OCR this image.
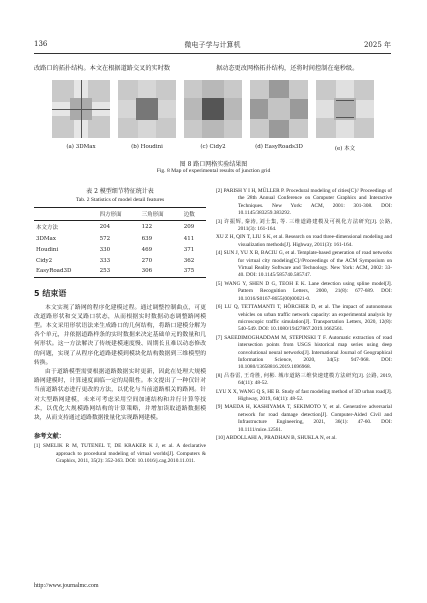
136	微电子学与计算机	2025 年
改路口的拓扑结构。本文在根据道路交叉的实时数	据动态更改网格拓扑结构，还将时间控制在毫秒级。
(a) 3DMax	(b) Houdini	(c) Cidy2	(d) EasyRoads3D	(e) 本文
图 8 路口网格实验结果图
Fig. 8 Map of experimental results of junction grid
表 2 模型细节特征统计表
Tab. 2 Statistics of model detail features
	四方形面	三角形面	边数
本文方法	204	122	209
3DMax	572	639	411
Houdini	330	469	371
Cidy2	333	270	362
EasyRoad3D	253	306	375
5 结束语
本文实现了路网的程序化建模过程。通过调整控制曲点，可更改道路形状和交叉路口状态，从而根据实时数据动态调整路网模型。本文采用形状语法来生成路口的几何结构，将路口建模分解为各个单元，并依据道路样条的实时数据来决定基础单元的数量和几何形状。这一方法解决了传统建模速度慢、周期长且难以动态修改的问题，实现了从程序化道路建模到模块化结构数据到三维模型的转换。
由于道路模型需要根据道路数据实时更新，因此在处理大规模路网建模时，计算速度面临一定的局限性。本文提出了一种仅针对当前道路状态进行更改的方法，以优化与当前道路相关的路网。针对大型路网建模，未来可考虑采用空间加速结构和并行计算等技术，以优化大规模路网结构的计算策略，并增加读取道路数据模块，从而支持通过道路数据批量化实现路网建模。
参考文献：
[1] SMELIK R M, TUTENEL T, DE KRAKER K J, et al. A declarative approach to procedural modeling of virtual worlds[J]. Computers & Graphics, 2011, 35(2): 352-363. DOI: 10.1016/j.cag.2010.11.011.
[2] PARISH Y I H, MÜLLER P. Procedural modeling of cities[C]// Proceedings of the 28th Annual Conference on Computer Graphics and Interactive Techniques. New York: ACM, 2001: 301-308. DOI: 10.1145/383259.383292.
[3] 许振辉, 秦涛, 刘士集, 等. 三维道路建模及可视化方法研究[J]. 公路, 2011(3): 161-164.
XU Z H, QIN T, LIU S K, et al. Research on road three-dimensional modeling and visualization methods[J]. Highway, 2011(3): 161-164.
[4] SUN J, YU X B, BACIU G, et al. Template-based generation of road networks for virtual city modeling[C]//Proceedings of the ACM Symposium on Virtual Reality Software and Technology. New York: ACM, 2002: 33-40. DOI: 10.1145/585740.585747.
[5] WANG Y, SHEN D G, TEOH E K. Lane detection using spline model[J]. Pattern Recognition Letters, 2000, 21(8): 677-689. DOI: 10.1016/S0167-8655(00)00021-0.
[6] LU Q, TETTAMANTI T, HÖRCHER D, et al. The impact of autonomous vehicles on urban traffic network capacity: an experimental analysis by microscopic traffic simulation[J]. Transportation Letters, 2020, 12(8): 540-549. DOI: 10.1080/19427867.2019.1662561.
[7] SAEEDIMOGHADDAM M, STEPINSKI T F. Automatic extraction of road intersection points from USGS historical map series using deep convolutional neural networks[J]. International Journal of Geographical Information Science, 2020, 34(5): 947-968. DOI: 10.1080/13658816.2019.1696968.
[8] 吕春雷, 王奇胜, 何彬. 城市道路三维快速建模方法研究[J]. 公路, 2019, 64(11): 48-52.
LYU X X, WANG Q S, HE B. Study of fast modeling method of 3D urban road[J]. Highway, 2019, 64(11): 48-52.
[9] MAEDA H, KASHIYAMA T, SEKIMOTO Y, et al. Generative adversarial network for road damage detection[J]. Computer-Aided Civil and Infrastructure Engineering, 2021, 36(1): 47-60. DOI: 10.1111/mice.12561.
[10] ABDOLLAHI A, PRADHAN B, SHUKLA N, et al.
http://www.journalmc.com
